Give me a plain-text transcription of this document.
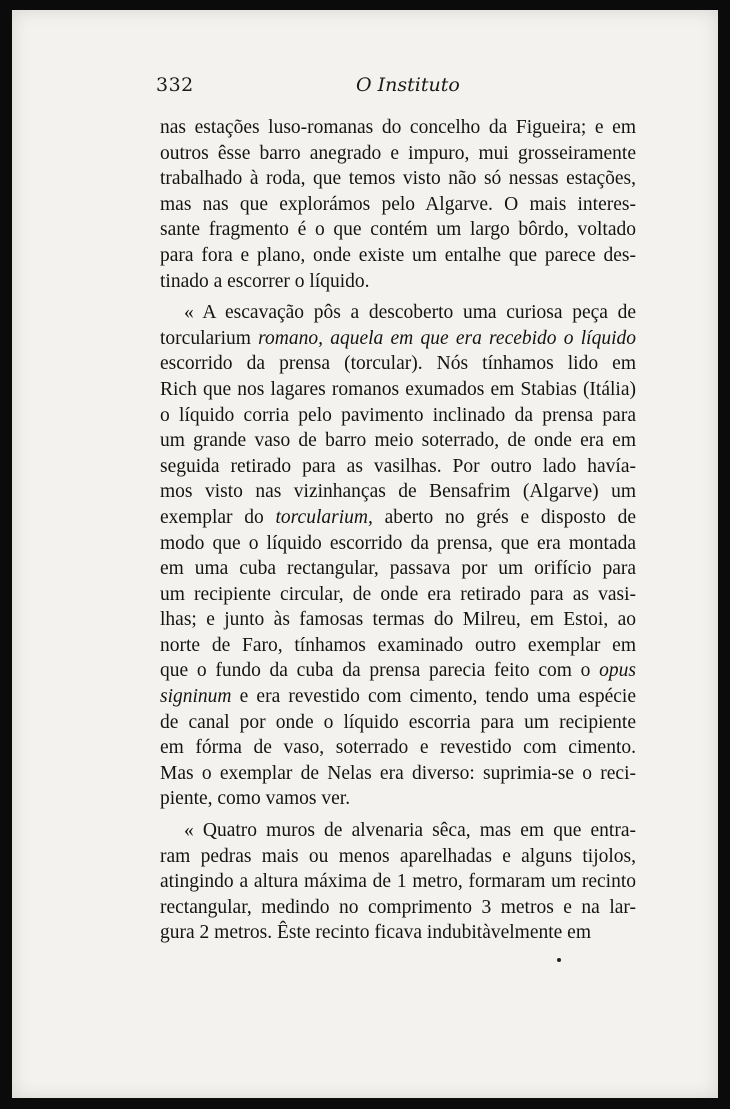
332	O Instituto
nas estações luso-romanas do concelho da Figueira; e em
outros êsse barro anegrado e impuro, mui grosseiramente
trabalhado à roda, que temos visto não só nessas estações,
mas nas que explorámos pelo Algarve. O mais interes-
sante fragmento é o que contém um largo bôrdo, voltado
para fora e plano, onde existe um entalhe que parece des-
tinado a escorrer o líquido.
« A escavação pôs a descoberto uma curiosa peça de
torcularium romano, aquela em que era recebido o líquido
escorrido da prensa (torcular). Nós tínhamos lido em
Rich que nos lagares romanos exumados em Stabias (Itália)
o líquido corria pelo pavimento inclinado da prensa para
um grande vaso de barro meio soterrado, de onde era em
seguida retirado para as vasilhas. Por outro lado havía-
mos visto nas vizinhanças de Bensafrim (Algarve) um
exemplar do torcularium, aberto no grés e disposto de
modo que o líquido escorrido da prensa, que era montada
em uma cuba rectangular, passava por um orifício para
um recipiente circular, de onde era retirado para as vasi-
lhas; e junto às famosas termas do Milreu, em Estoi, ao
norte de Faro, tínhamos examinado outro exemplar em
que o fundo da cuba da prensa parecia feito com o opus
signinum e era revestido com cimento, tendo uma espécie
de canal por onde o líquido escorria para um recipiente
em fórma de vaso, soterrado e revestido com cimento.
Mas o exemplar de Nelas era diverso: suprimia-se o reci-
piente, como vamos ver.
« Quatro muros de alvenaria sêca, mas em que entra-
ram pedras mais ou menos aparelhadas e alguns tijolos,
atingindo a altura máxima de 1 metro, formaram um recinto
rectangular, medindo no comprimento 3 metros e na lar-
gura 2 metros. Êste recinto ficava indubitàvelmente em
